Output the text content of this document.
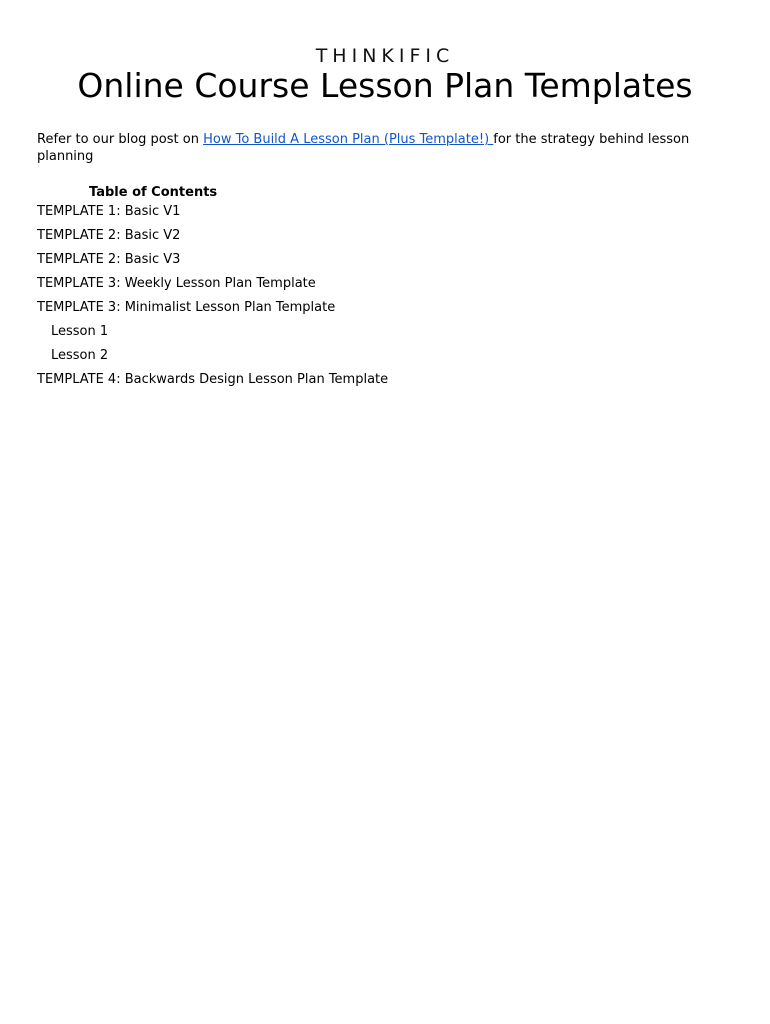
THINKIFIC
Online Course Lesson Plan Templates

Refer to our blog post on How To Build A Lesson Plan (Plus Template!) for the strategy behind lesson planning

Table of Contents

TEMPLATE 1: Basic V1
TEMPLATE 2: Basic V2
TEMPLATE 2: Basic V3
TEMPLATE 3: Weekly Lesson Plan Template
TEMPLATE 3: Minimalist Lesson Plan Template
Lesson 1
Lesson 2
TEMPLATE 4: Backwards Design Lesson Plan Template
